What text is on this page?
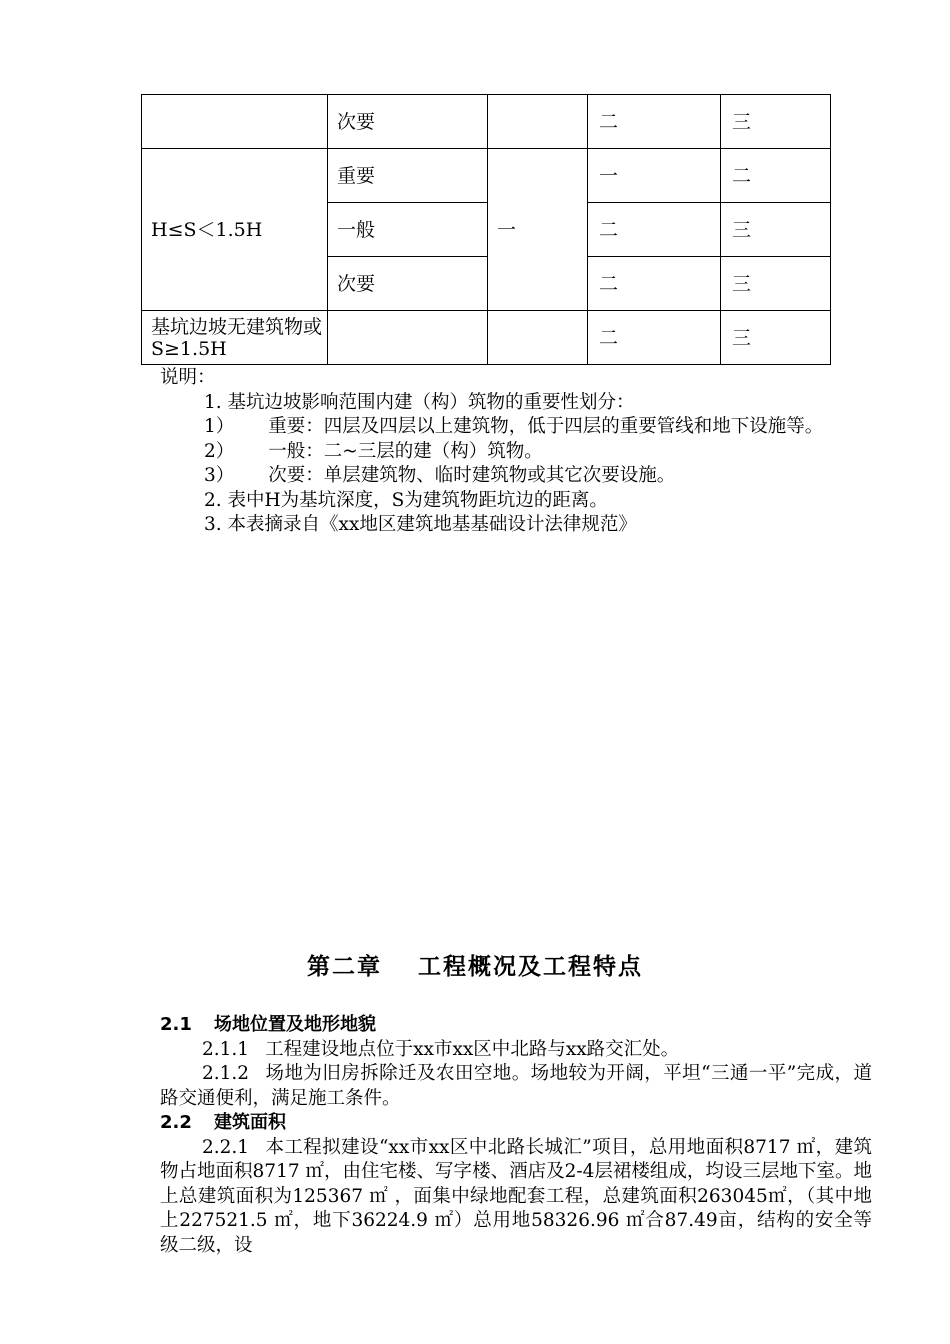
	次要		二	三
H≤S＜1.5H	重要	一	一	二
	一般		二	三
	次要		二	三
基坑边坡无建筑物或S≥1.5H			二	三

说明：

1. 基坑边坡影响范围内建（构）筑物的重要性划分：

1） 重要：四层及四层以上建筑物，低于四层的重要管线和地下设施等。

2） 一般：二~三层的建（构）筑物。

3） 次要：单层建筑物、临时建筑物或其它次要设施。

2. 表中H为基坑深度，S为建筑物距坑边的距离。

3. 本表摘录自《xx地区建筑地基基础设计法律规范》

第二章 工程概况及工程特点

2.1 场地位置及地形地貌

2.1.1 工程建设地点位于xx市xx区中北路与xx路交汇处。

2.1.2 场地为旧房拆除迁及农田空地。场地较为开阔，平坦“三通一平”完成，道路交通便利，满足施工条件。

2.2 建筑面积

2.2.1 本工程拟建设“xx市xx区中北路长城汇”项目，总用地面积8717 ㎡，建筑物占地面积8717 ㎡，由住宅楼、写字楼、酒店及2-4层裙楼组成，均设三层地下室。地上总建筑面积为125367 ㎡ ，面集中绿地配套工程，总建筑面积263045㎡，（其中地上227521.5 ㎡，地下36224.9 ㎡）总用地58326.96 ㎡合87.49亩，结构的安全等级二级，设
